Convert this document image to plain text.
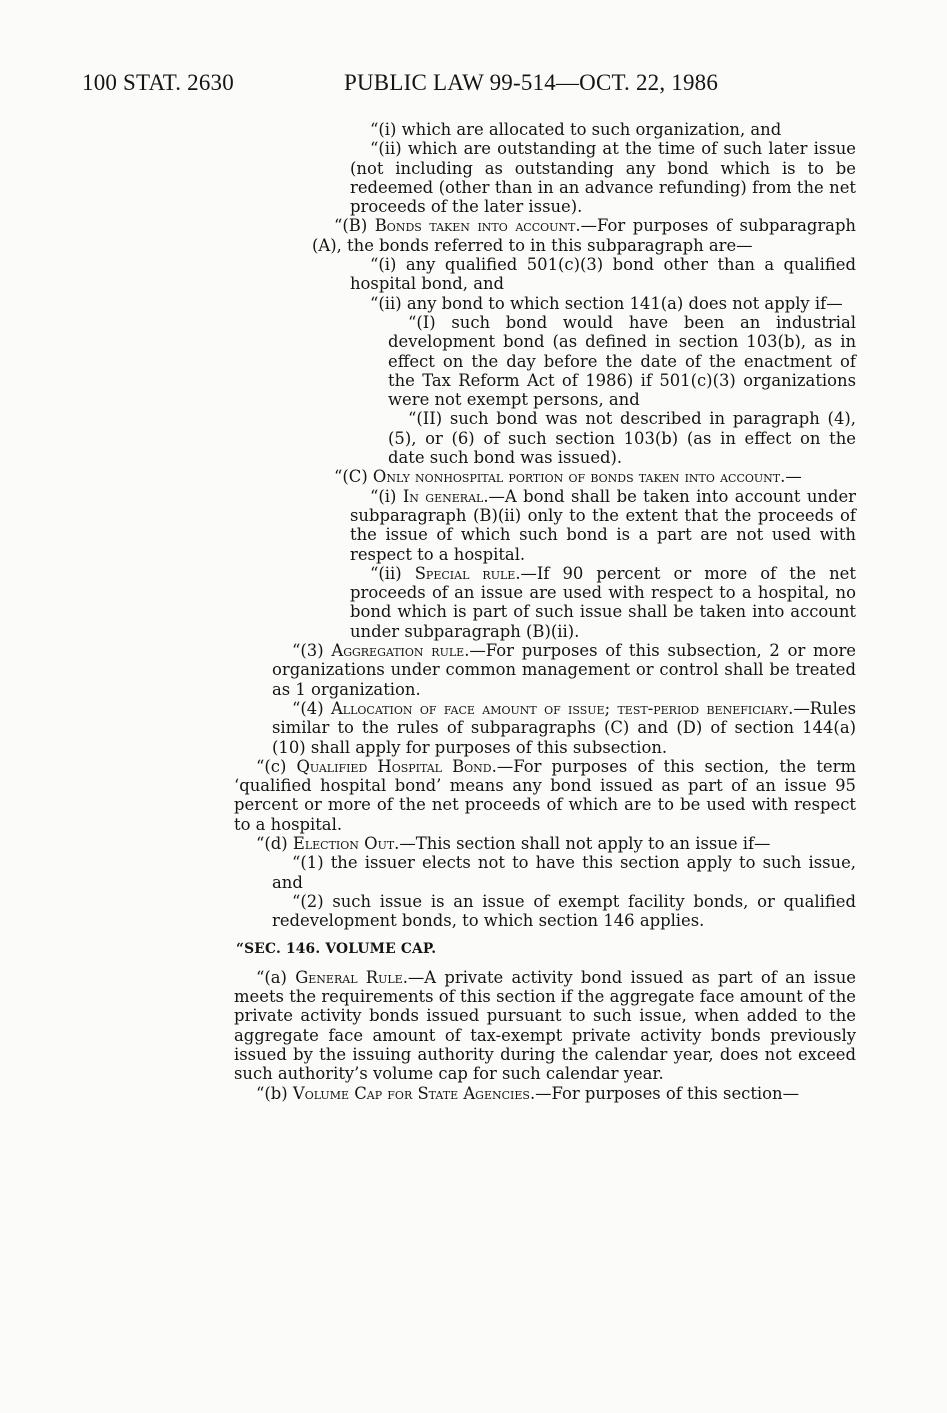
100 STAT. 2630	PUBLIC LAW 99-514—OCT. 22, 1986

“(i) which are allocated to such organization, and

“(ii) which are outstanding at the time of such later issue (not including as outstanding any bond which is to be redeemed (other than in an advance refunding) from the net proceeds of the later issue).

“(B) Bonds taken into account.—For purposes of subparagraph (A), the bonds referred to in this subparagraph are—

“(i) any qualified 501(c)(3) bond other than a qualified hospital bond, and

“(ii) any bond to which section 141(a) does not apply if—

“(I) such bond would have been an industrial development bond (as defined in section 103(b), as in effect on the day before the date of the enactment of the Tax Reform Act of 1986) if 501(c)(3) organizations were not exempt persons, and

“(II) such bond was not described in paragraph (4), (5), or (6) of such section 103(b) (as in effect on the date such bond was issued).

“(C) Only nonhospital portion of bonds taken into account.—

“(i) In general.—A bond shall be taken into account under subparagraph (B)(ii) only to the extent that the proceeds of the issue of which such bond is a part are not used with respect to a hospital.

“(ii) Special rule.—If 90 percent or more of the net proceeds of an issue are used with respect to a hospital, no bond which is part of such issue shall be taken into account under subparagraph (B)(ii).

“(3) Aggregation rule.—For purposes of this subsection, 2 or more organizations under common management or control shall be treated as 1 organization.

“(4) Allocation of face amount of issue; test-period beneficiary.—Rules similar to the rules of subparagraphs (C) and (D) of section 144(a)(10) shall apply for purposes of this subsection.

“(c) Qualified Hospital Bond.—For purposes of this section, the term ‘qualified hospital bond’ means any bond issued as part of an issue 95 percent or more of the net proceeds of which are to be used with respect to a hospital.

“(d) Election Out.—This section shall not apply to an issue if—

“(1) the issuer elects not to have this section apply to such issue, and

“(2) such issue is an issue of exempt facility bonds, or qualified redevelopment bonds, to which section 146 applies.

“SEC. 146. VOLUME CAP.

“(a) General Rule.—A private activity bond issued as part of an issue meets the requirements of this section if the aggregate face amount of the private activity bonds issued pursuant to such issue, when added to the aggregate face amount of tax-exempt private activity bonds previously issued by the issuing authority during the calendar year, does not exceed such authority’s volume cap for such calendar year.

“(b) Volume Cap for State Agencies.—For purposes of this section—
